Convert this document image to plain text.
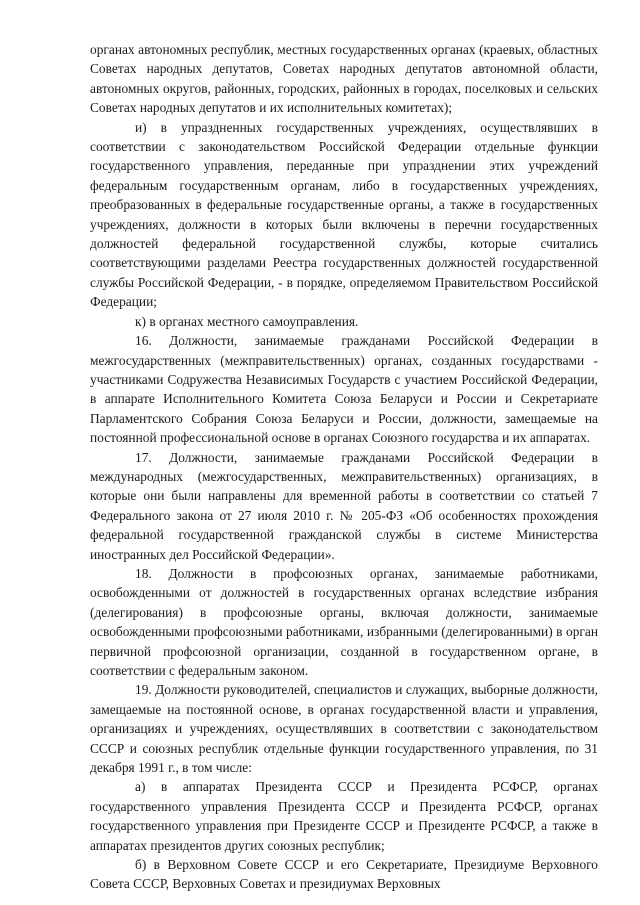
органах автономных республик, местных государственных органах (краевых, областных Советах народных депутатов, Советах народных депутатов автономной области, автономных округов, районных, городских, районных в городах, поселковых и сельских Советах народных депутатов и их исполнительных комитетах);

и) в упраздненных государственных учреждениях, осуществлявших в соответствии с законодательством Российской Федерации отдельные функции государственного управления, переданные при упразднении этих учреждений федеральным государственным органам, либо в государственных учреждениях, преобразованных в федеральные государственные органы, а также в государственных учреждениях, должности в которых были включены в перечни государственных должностей федеральной государственной службы, которые считались соответствующими разделами Реестра государственных должностей государственной службы Российской Федерации, - в порядке, определяемом Правительством Российской Федерации;

к) в органах местного самоуправления.

16. Должности, занимаемые гражданами Российской Федерации в межгосударственных (межправительственных) органах, созданных государствами - участниками Содружества Независимых Государств с участием Российской Федерации, в аппарате Исполнительного Комитета Союза Беларуси и России и Секретариате Парламентского Собрания Союза Беларуси и России, должности, замещаемые на постоянной профессиональной основе в органах Союзного государства и их аппаратах.

17. Должности, занимаемые гражданами Российской Федерации в международных (межгосударственных, межправительственных) организациях, в которые они были направлены для временной работы в соответствии со статьей 7 Федерального закона от 27 июля 2010 г. № 205-ФЗ «Об особенностях прохождения федеральной государственной гражданской службы в системе Министерства иностранных дел Российской Федерации».

18. Должности в профсоюзных органах, занимаемые работниками, освобожденными от должностей в государственных органах вследствие избрания (делегирования) в профсоюзные органы, включая должности, занимаемые освобожденными профсоюзными работниками, избранными (делегированными) в орган первичной профсоюзной организации, созданной в государственном органе, в соответствии с федеральным законом.

19. Должности руководителей, специалистов и служащих, выборные должности, замещаемые на постоянной основе, в органах государственной власти и управления, организациях и учреждениях, осуществлявших в соответствии с законодательством СССР и союзных республик отдельные функции государственного управления, по 31 декабря 1991 г., в том числе:

а) в аппаратах Президента СССР и Президента РСФСР, органах государственного управления Президента СССР и Президента РСФСР, органах государственного управления при Президенте СССР и Президенте РСФСР, а также в аппаратах президентов других союзных республик;

б) в Верховном Совете СССР и его Секретариате, Президиуме Верховного Совета СССР, Верховных Советах и президиумах Верховных
